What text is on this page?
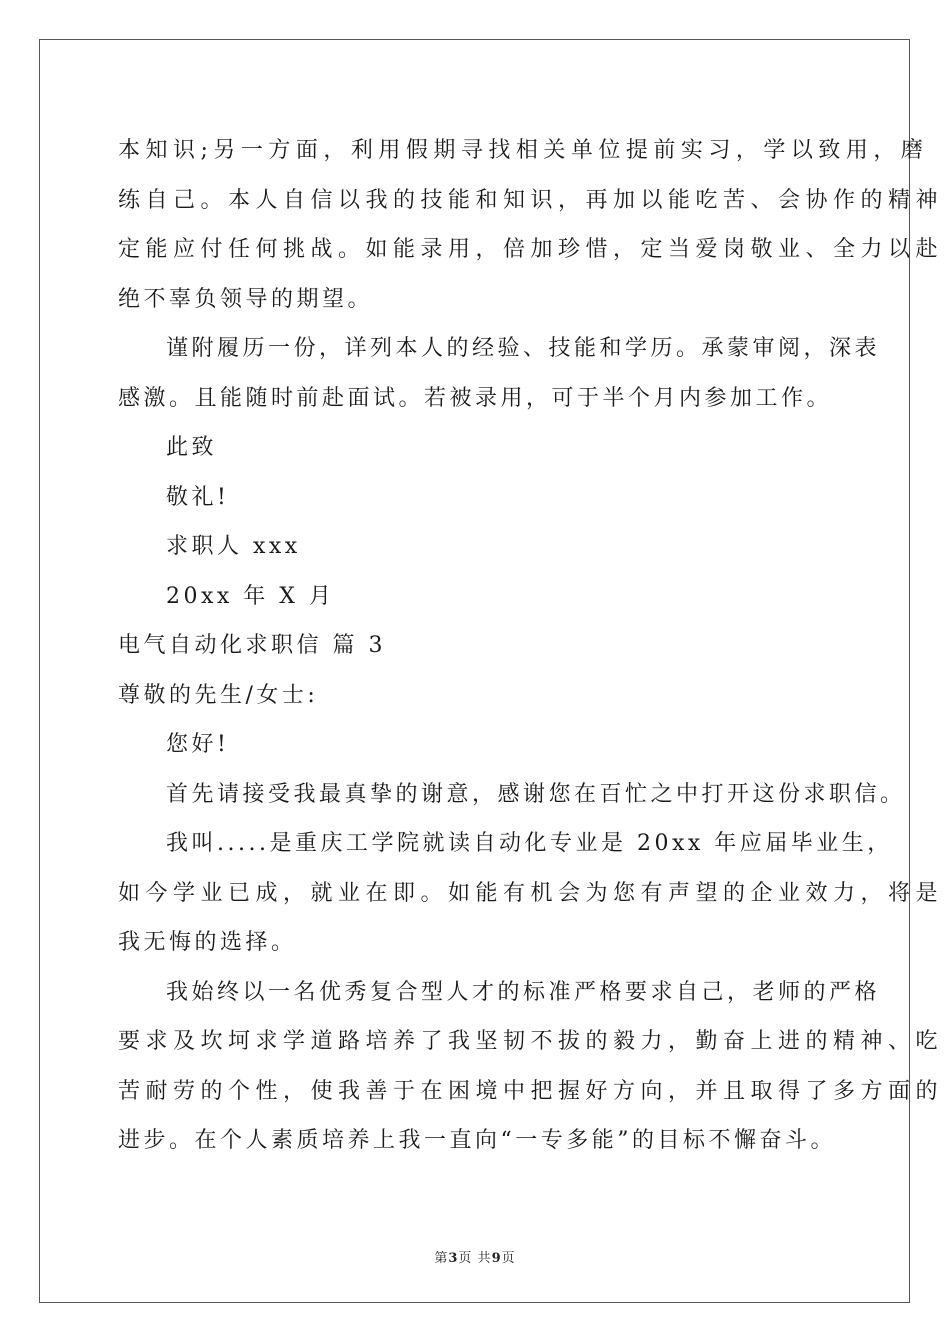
本知识;另一方面，利用假期寻找相关单位提前实习，学以致用，磨
练自己。本人自信以我的技能和知识，再加以能吃苦、会协作的精神
定能应付任何挑战。如能录用，倍加珍惜，定当爱岗敬业、全力以赴
绝不辜负领导的期望。
谨附履历一份，详列本人的经验、技能和学历。承蒙审阅，深表
感激。且能随时前赴面试。若被录用，可于半个月内参加工作。
此致
敬礼!
求职人 xxx
20xx 年 X 月
电气自动化求职信 篇 3
尊敬的先生/女士:
您好!
首先请接受我最真挚的谢意，感谢您在百忙之中打开这份求职信。
我叫.....是重庆工学院就读自动化专业是 20xx 年应届毕业生，
如今学业已成，就业在即。如能有机会为您有声望的企业效力，将是
我无悔的选择。
我始终以一名优秀复合型人才的标准严格要求自己，老师的严格
要求及坎坷求学道路培养了我坚韧不拔的毅力，勤奋上进的精神、吃
苦耐劳的个性，使我善于在困境中把握好方向，并且取得了多方面的
进步。在个人素质培养上我一直向“一专多能”的目标不懈奋斗。
第3页 共9页
